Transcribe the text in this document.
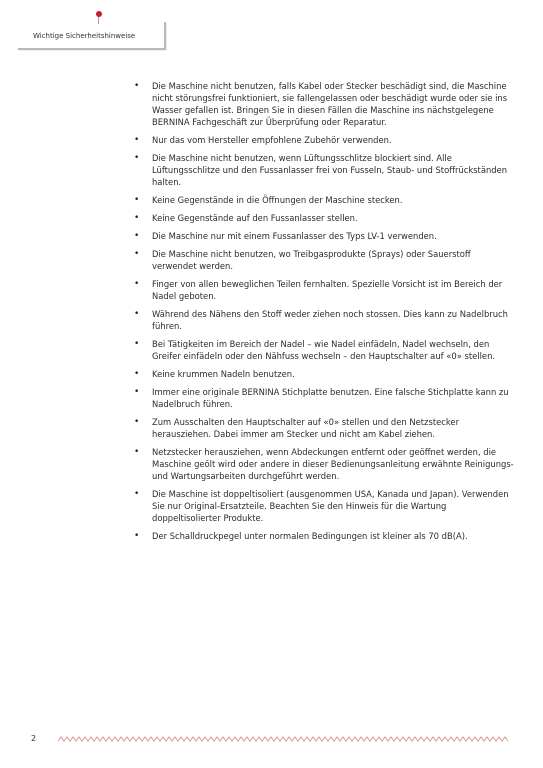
Wichtige Sicherheitshinweise
• Die Maschine nicht benutzen, falls Kabel oder Stecker beschädigt sind, die Maschine nicht störungsfrei funktioniert, sie fallengelassen oder beschädigt wurde oder sie ins Wasser gefallen ist. Bringen Sie in diesen Fällen die Maschine ins nächstgelegene BERNINA Fachgeschäft zur Überprüfung oder Reparatur.
• Nur das vom Hersteller empfohlene Zubehör verwenden.
• Die Maschine nicht benutzen, wenn Lüftungsschlitze blockiert sind. Alle Lüftungsschlitze und den Fussanlasser frei von Fusseln, Staub- und Stoffrückständen halten.
• Keine Gegenstände in die Öffnungen der Maschine stecken.
• Keine Gegenstände auf den Fussanlasser stellen.
• Die Maschine nur mit einem Fussanlasser des Typs LV-1 verwenden.
• Die Maschine nicht benutzen, wo Treibgasprodukte (Sprays) oder Sauerstoff verwendet werden.
• Finger von allen beweglichen Teilen fernhalten. Spezielle Vorsicht ist im Bereich der Nadel geboten.
• Während des Nähens den Stoff weder ziehen noch stossen. Dies kann zu Nadelbruch führen.
• Bei Tätigkeiten im Bereich der Nadel – wie Nadel einfädeln, Nadel wechseln, den Greifer einfädeln oder den Nähfuss wechseln – den Hauptschalter auf «0» stellen.
• Keine krummen Nadeln benutzen.
• Immer eine originale BERNINA Stichplatte benutzen. Eine falsche Stichplatte kann zu Nadelbruch führen.
• Zum Ausschalten den Hauptschalter auf «0» stellen und den Netzstecker herausziehen. Dabei immer am Stecker und nicht am Kabel ziehen.
• Netzstecker herausziehen, wenn Abdeckungen entfernt oder geöffnet werden, die Maschine geölt wird oder andere in dieser Bedienungsanleitung erwähnte Reinigungs- und Wartungsarbeiten durchgeführt werden.
• Die Maschine ist doppeltisoliert (ausgenommen USA, Kanada und Japan). Verwenden Sie nur Original-Ersatzteile. Beachten Sie den Hinweis für die Wartung doppeltisolierter Produkte.
• Der Schalldruckpegel unter normalen Bedingungen ist kleiner als 70 dB(A).
2
